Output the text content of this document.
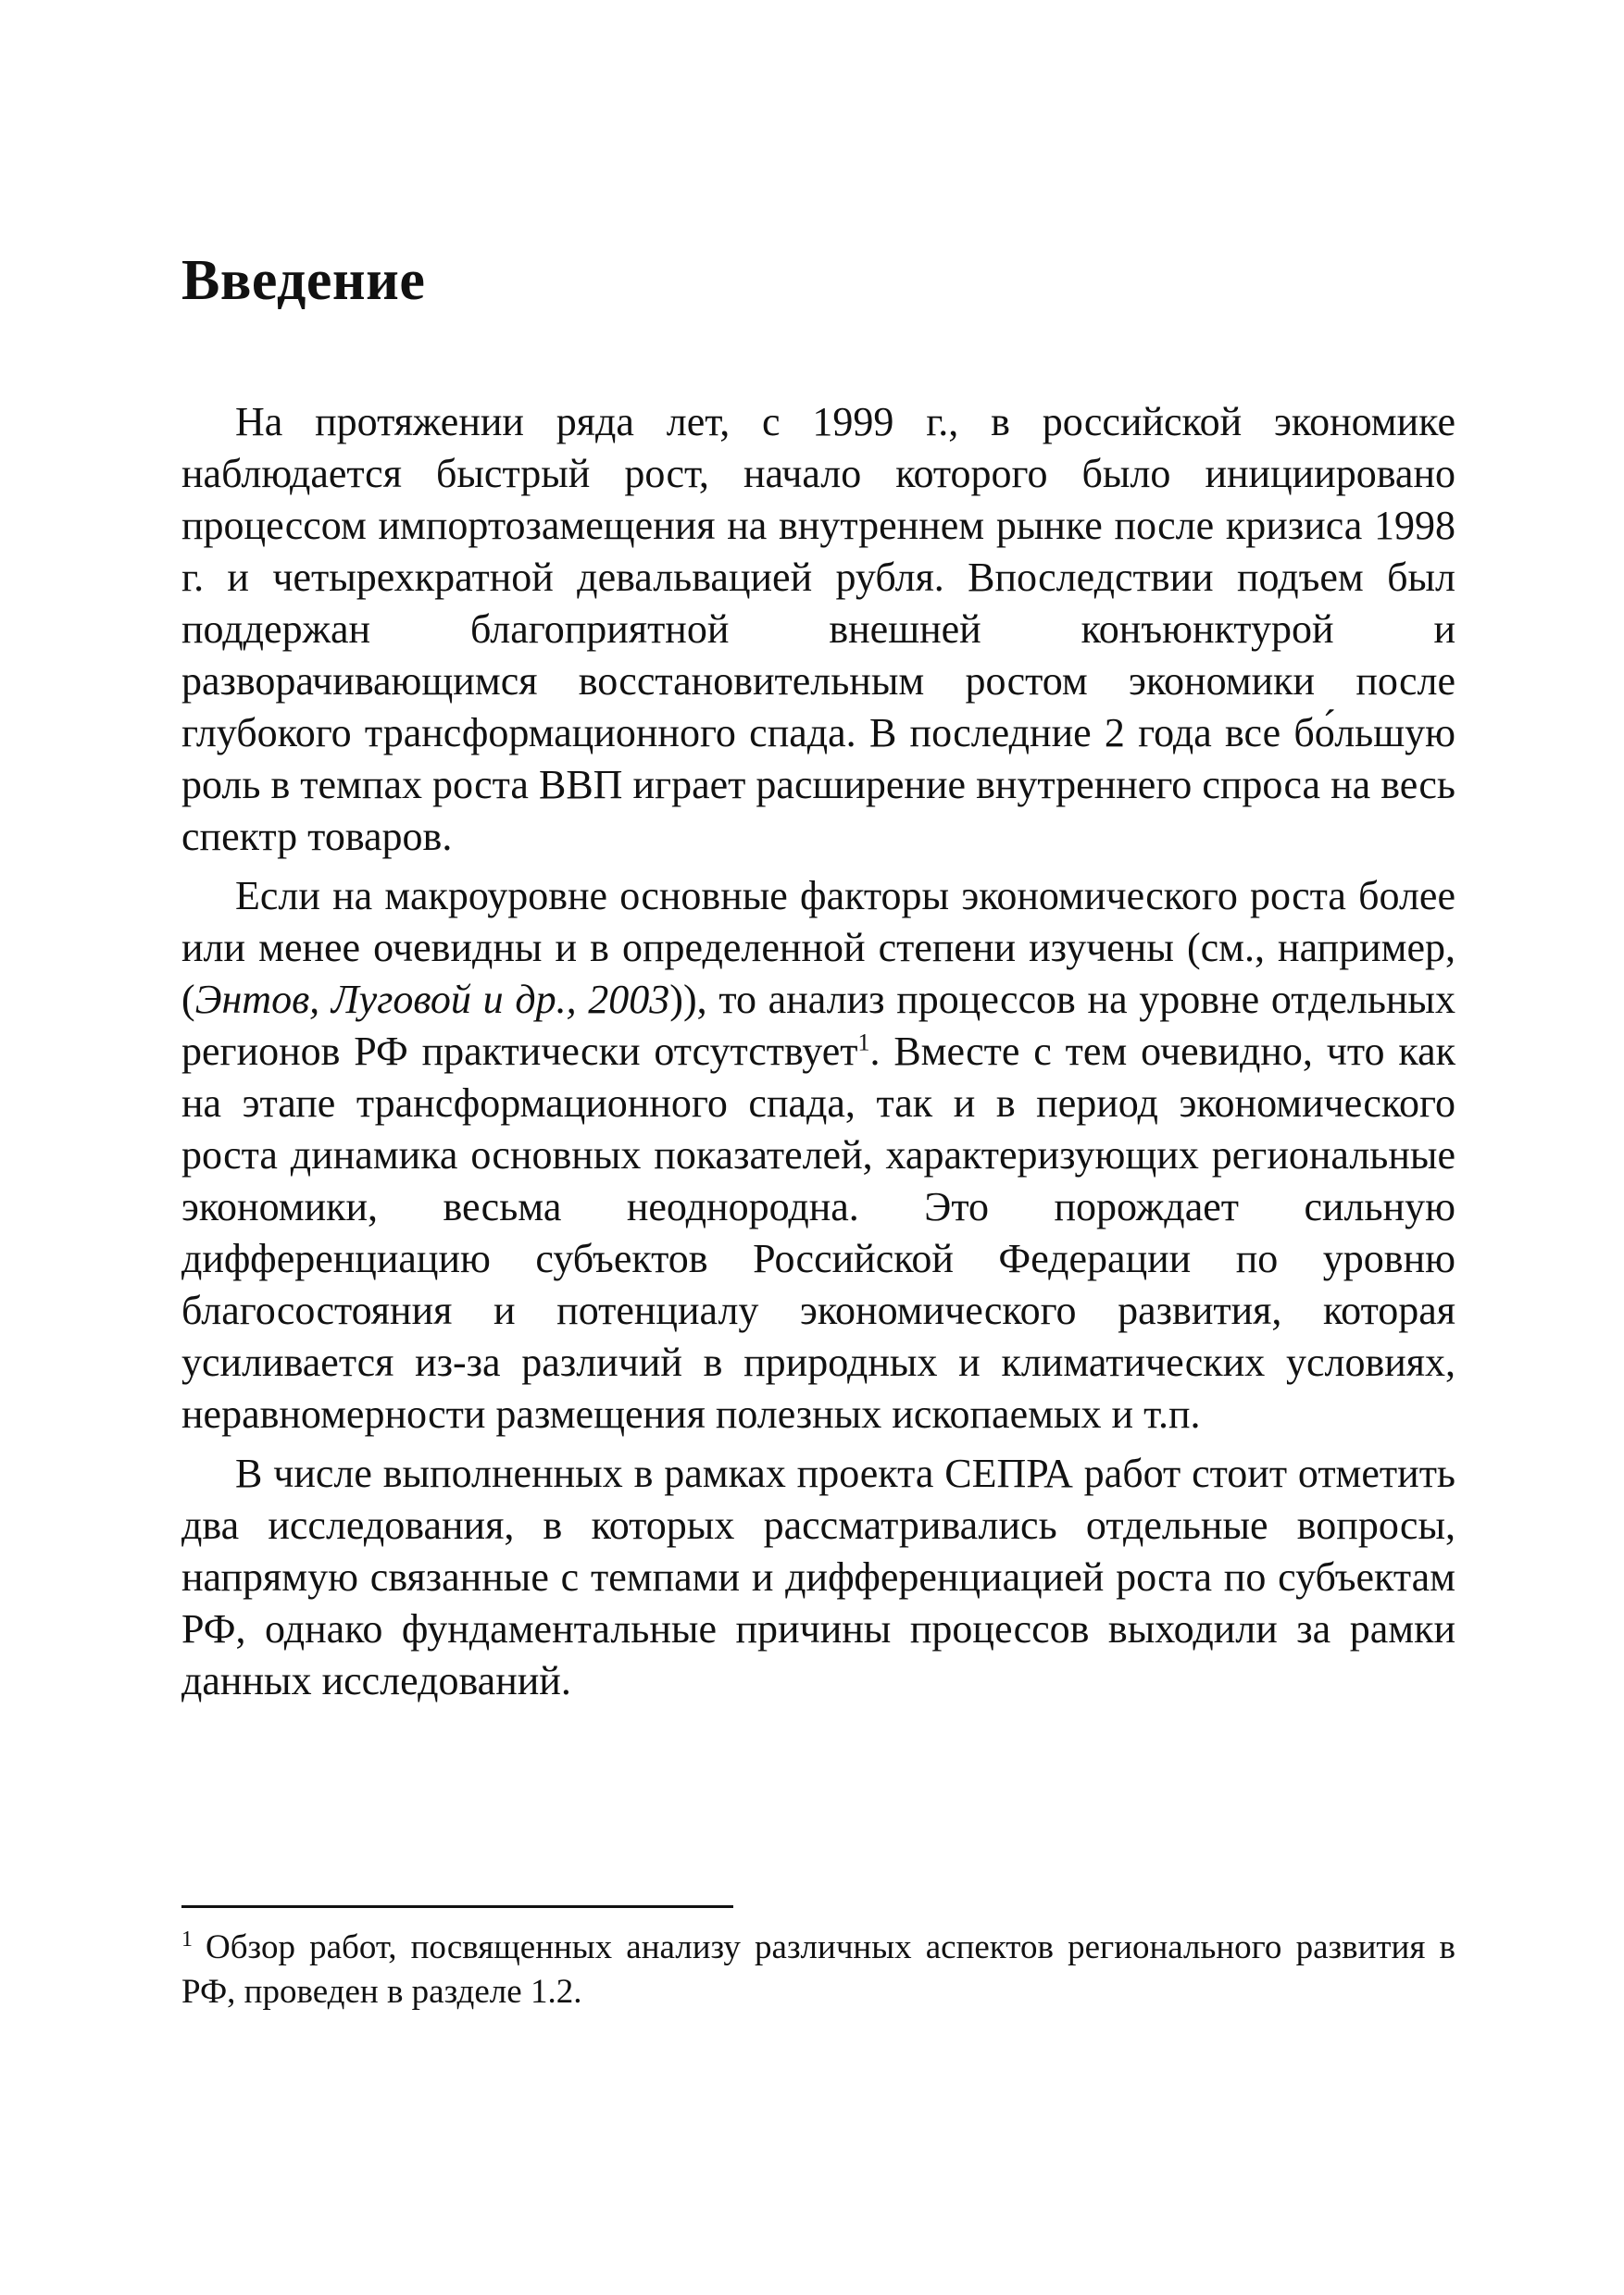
Введение

На протяжении ряда лет, с 1999 г., в российской экономике наблюдается быстрый рост, начало которого было инициировано процессом импортозамещения на внутреннем рынке после кризиса 1998 г. и четырехкратной девальвацией рубля. Впоследствии подъем был поддержан благоприятной внешней конъюнктурой и разворачивающимся восстановительным ростом экономики после глубокого трансформационного спада. В последние 2 года все бо́льшую роль в темпах роста ВВП играет расширение внутреннего спроса на весь спектр товаров.

Если на макроуровне основные факторы экономического роста более или менее очевидны и в определенной степени изучены (см., например, (Энтов, Луговой и др., 2003)), то анализ процессов на уровне отдельных регионов РФ практически отсутствует$^1$. Вместе с тем очевидно, что как на этапе трансформационного спада, так и в период экономического роста динамика основных показателей, характеризующих региональные экономики, весьма неоднородна. Это порождает сильную дифференциацию субъектов Российской Федерации по уровню благосостояния и потенциалу экономического развития, которая усиливается из-за различий в природных и климатических условиях, неравномерности размещения полезных ископаемых и т.п.

В числе выполненных в рамках проекта СЕПРА работ стоит отметить два исследования, в которых рассматривались отдельные вопросы, напрямую связанные с темпами и дифференциацией роста по субъектам РФ, однако фундаментальные причины процессов выходили за рамки данных исследований.

$^1$ Обзор работ, посвященных анализу различных аспектов регионального развития в РФ, проведен в разделе 1.2.
